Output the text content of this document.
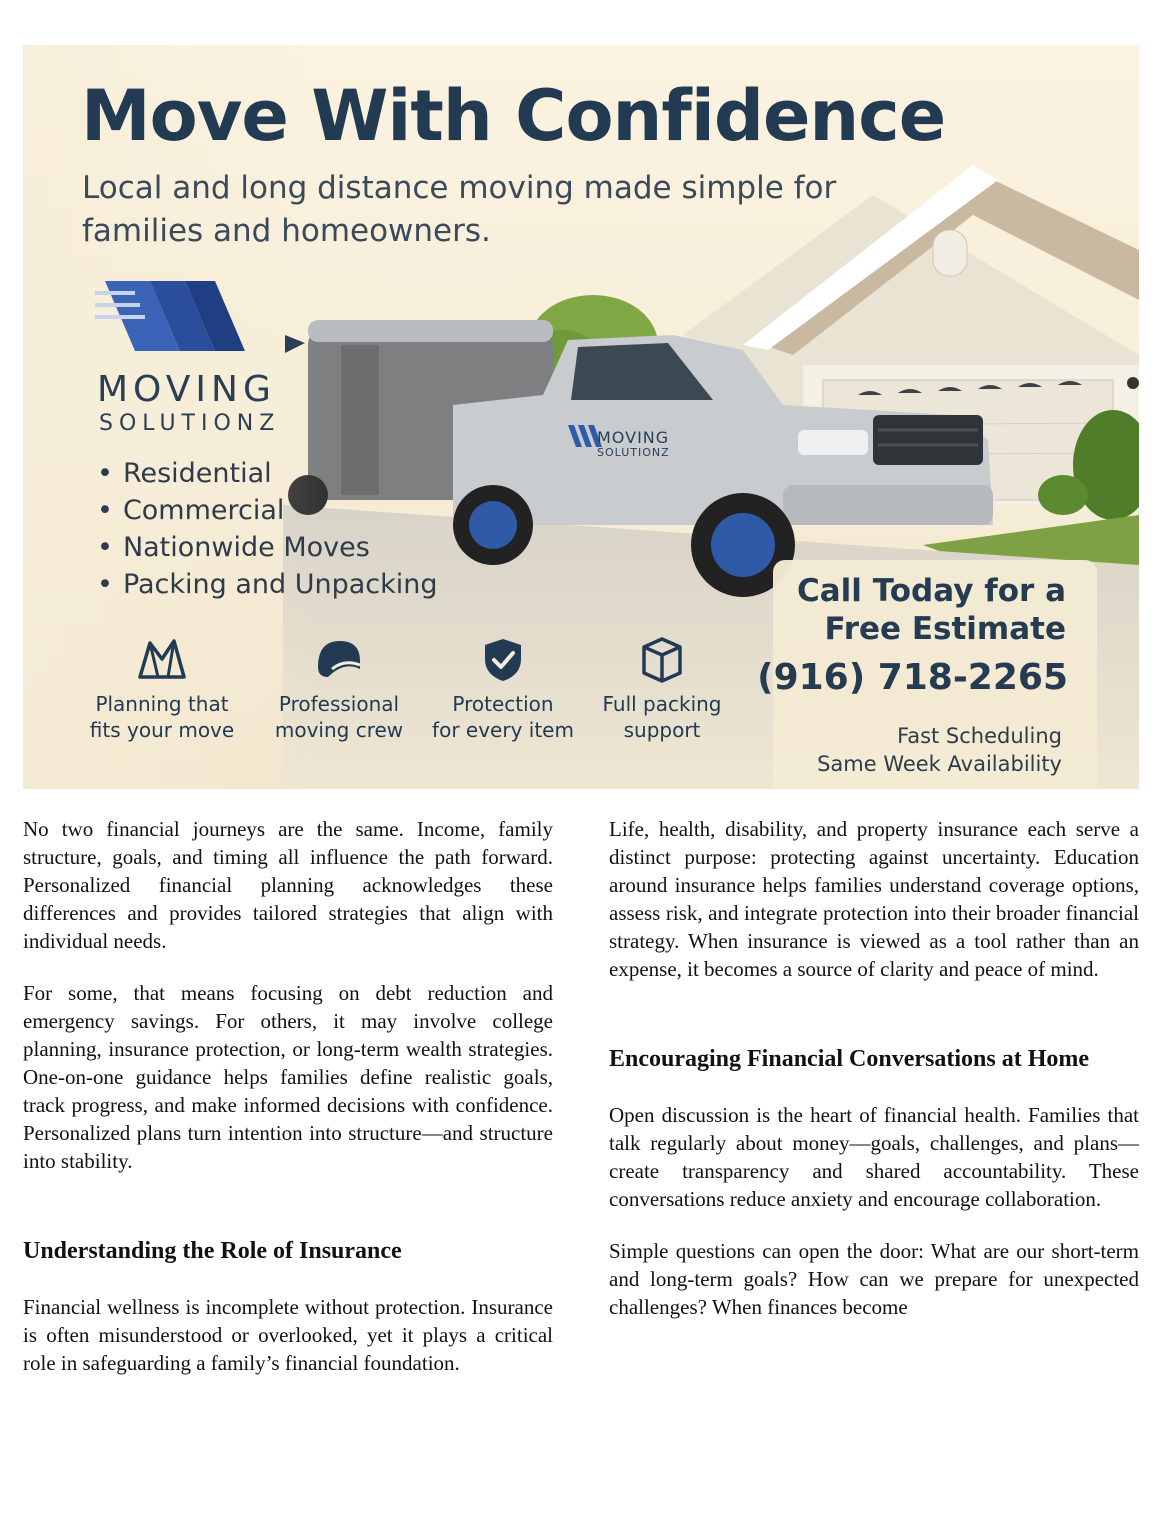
MOVING
SOLUTIONZ
Move With Confidence

Local and long distance moving made simple for families and homeowners.

MOVING
SOLUTIONZ
• Residential
• Commercial
• Nationwide Moves
• Packing and Unpacking
Planning that
fits your move
Professional
moving crew
Protection
for every item
Full packing
support
Call Today for a
Free Estimate
(916) 718-2265
Fast Scheduling
Same Week Availability

No two financial journeys are the same. Income, family structure, goals, and timing all influence the path forward. Personalized financial planning acknowledges these differences and provides tailored strategies that align with individual needs.

For some, that means focusing on debt reduction and emergency savings. For others, it may involve college planning, insurance protection, or long-term wealth strategies. One-on-one guidance helps families define realistic goals, track progress, and make informed decisions with confidence. Personalized plans turn intention into structure—and structure into stability.

Understanding the Role of Insurance

Financial wellness is incomplete without protection. Insurance is often misunderstood or overlooked, yet it plays a critical role in safeguarding a family’s financial foundation.

Life, health, disability, and property insurance each serve a distinct purpose: protecting against uncertainty. Education around insurance helps families understand coverage options, assess risk, and integrate protection into their broader financial strategy. When insurance is viewed as a tool rather than an expense, it becomes a source of clarity and peace of mind.

Encouraging Financial Conversations at Home

Open discussion is the heart of financial health. Families that talk regularly about money—goals, challenges, and plans—create transparency and shared accountability. These conversations reduce anxiety and encourage collaboration.

Simple questions can open the door: What are our short-term and long-term goals? How can we prepare for unexpected challenges? When finances become
